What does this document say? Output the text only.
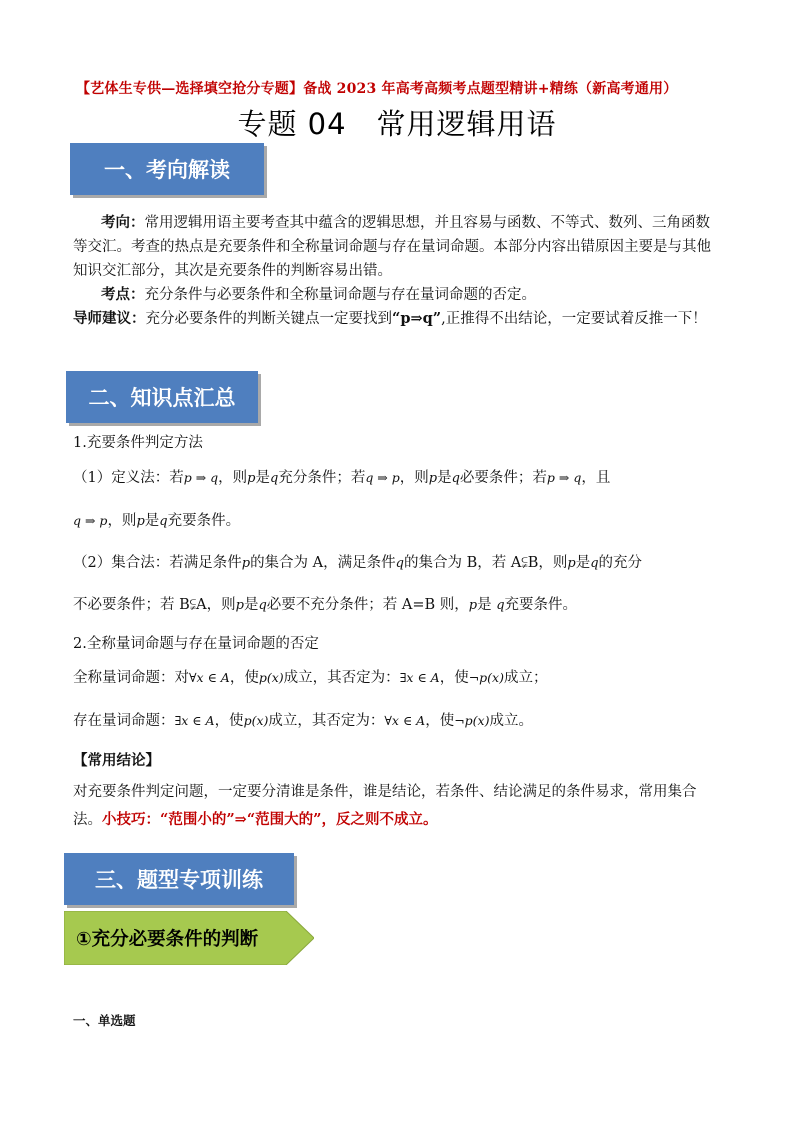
【艺体生专供—选择填空抢分专题】备战 2023 年高考高频考点题型精讲+精练（新高考通用）
专题 04　常用逻辑用语
一、考向解读

考向：常用逻辑用语主要考查其中蕴含的逻辑思想，并且容易与函数、不等式、数列、三角函数等交汇。考查的热点是充要条件和全称量词命题与存在量词命题。本部分内容出错原因主要是与其他知识交汇部分，其次是充要条件的判断容易出错。

考点：充分条件与必要条件和全称量词命题与存在量词命题的否定。

导师建议：充分必要条件的判断关键点一定要找到“p⇒q”,正推得不出结论，一定要试着反推一下！

二、知识点汇总
1.充要条件判定方法
（1）定义法：若p ⇒ q，则p是q充分条件；若q ⇒ p，则p是q必要条件；若p ⇒ q，且
q ⇒ p，则p是q充要条件。
（2）集合法：若满足条件p的集合为 A，满足条件q的集合为 B，若 A⫋B，则p是q的充分
不必要条件；若 B⫋A，则p是q必要不充分条件；若 A=B 则，p是 q充要条件。
2.全称量词命题与存在量词命题的否定
全称量词命题：对∀x ∈ A，使p(x)成立，其否定为：∃x ∈ A，使¬p(x)成立；
存在量词命题：∃x ∈ A，使p(x)成立，其否定为：∀x ∈ A，使¬p(x)成立。
【常用结论】
对充要条件判定问题，一定要分清谁是条件，谁是结论，若条件、结论满足的条件易求，常用集合法。小技巧：“范围小的”⇒“范围大的”，反之则不成立。
三、题型专项训练
①充分必要条件的判断
一、单选题
